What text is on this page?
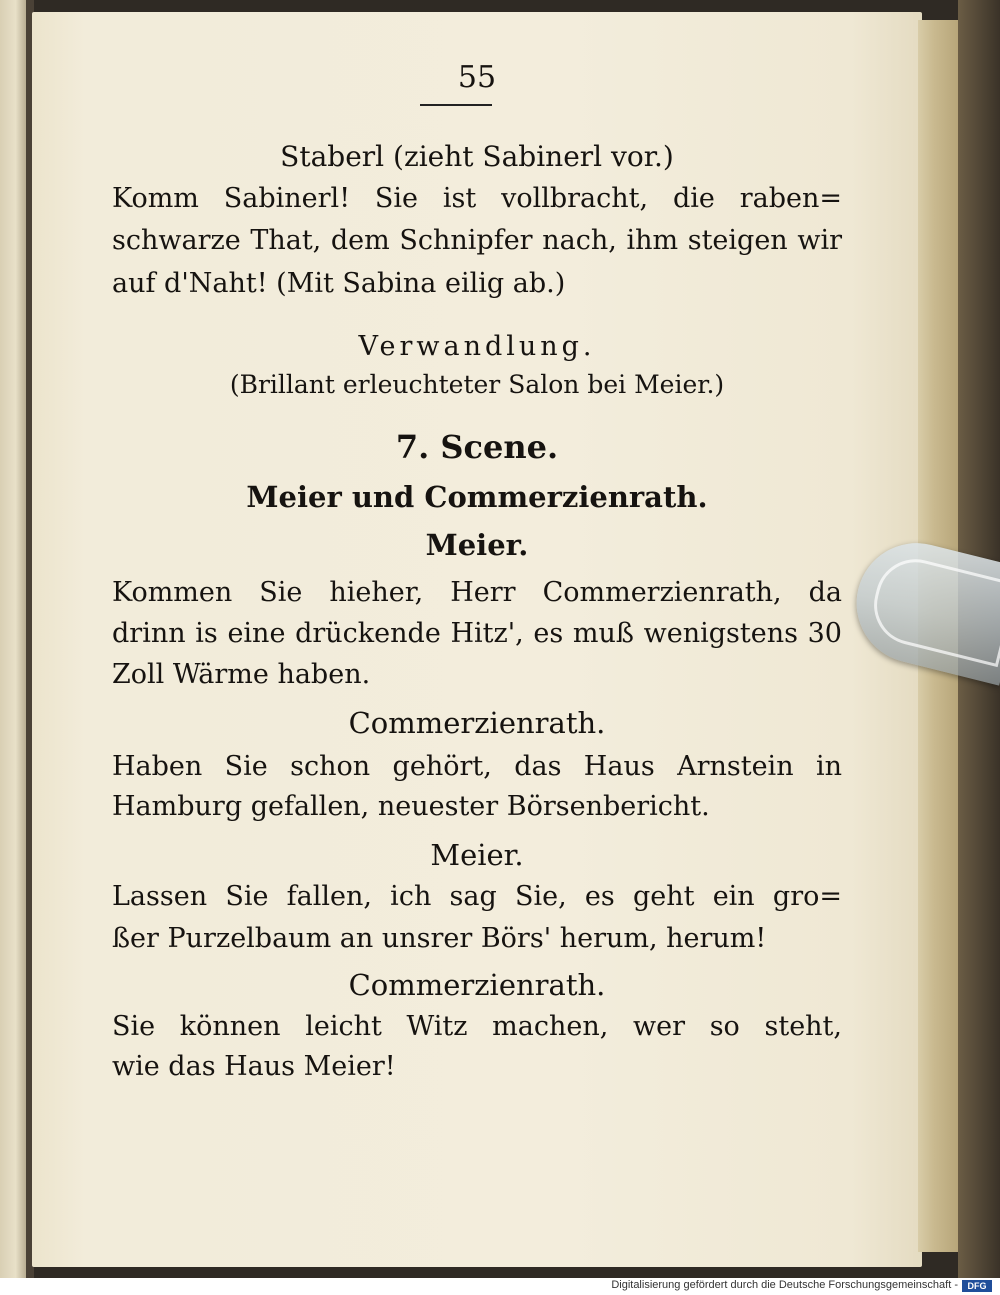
55
Staberl (zieht Sabinerl vor.)
Komm Sabinerl! Sie ist vollbracht, die raben=
schwarze That, dem Schnipfer nach, ihm steigen wir
auf d'Naht! (Mit Sabina eilig ab.)
Verwandlung.
(Brillant erleuchteter Salon bei Meier.)
7. Scene.
Meier und Commerzienrath.
Meier.
Kommen Sie hieher, Herr Commerzienrath, da
drinn is eine drückende Hitz', es muß wenigstens 30
Zoll Wärme haben.
Commerzienrath.
Haben Sie schon gehört, das Haus Arnstein in
Hamburg gefallen, neuester Börsenbericht.
Meier.
Lassen Sie fallen, ich sag Sie, es geht ein gro=
ßer Purzelbaum an unsrer Börs' herum, herum!
Commerzienrath.
Sie können leicht Witz machen, wer so steht,
wie das Haus Meier!
Digitalisierung gefördert durch die Deutsche Forschungsgemeinschaft -	DFG
